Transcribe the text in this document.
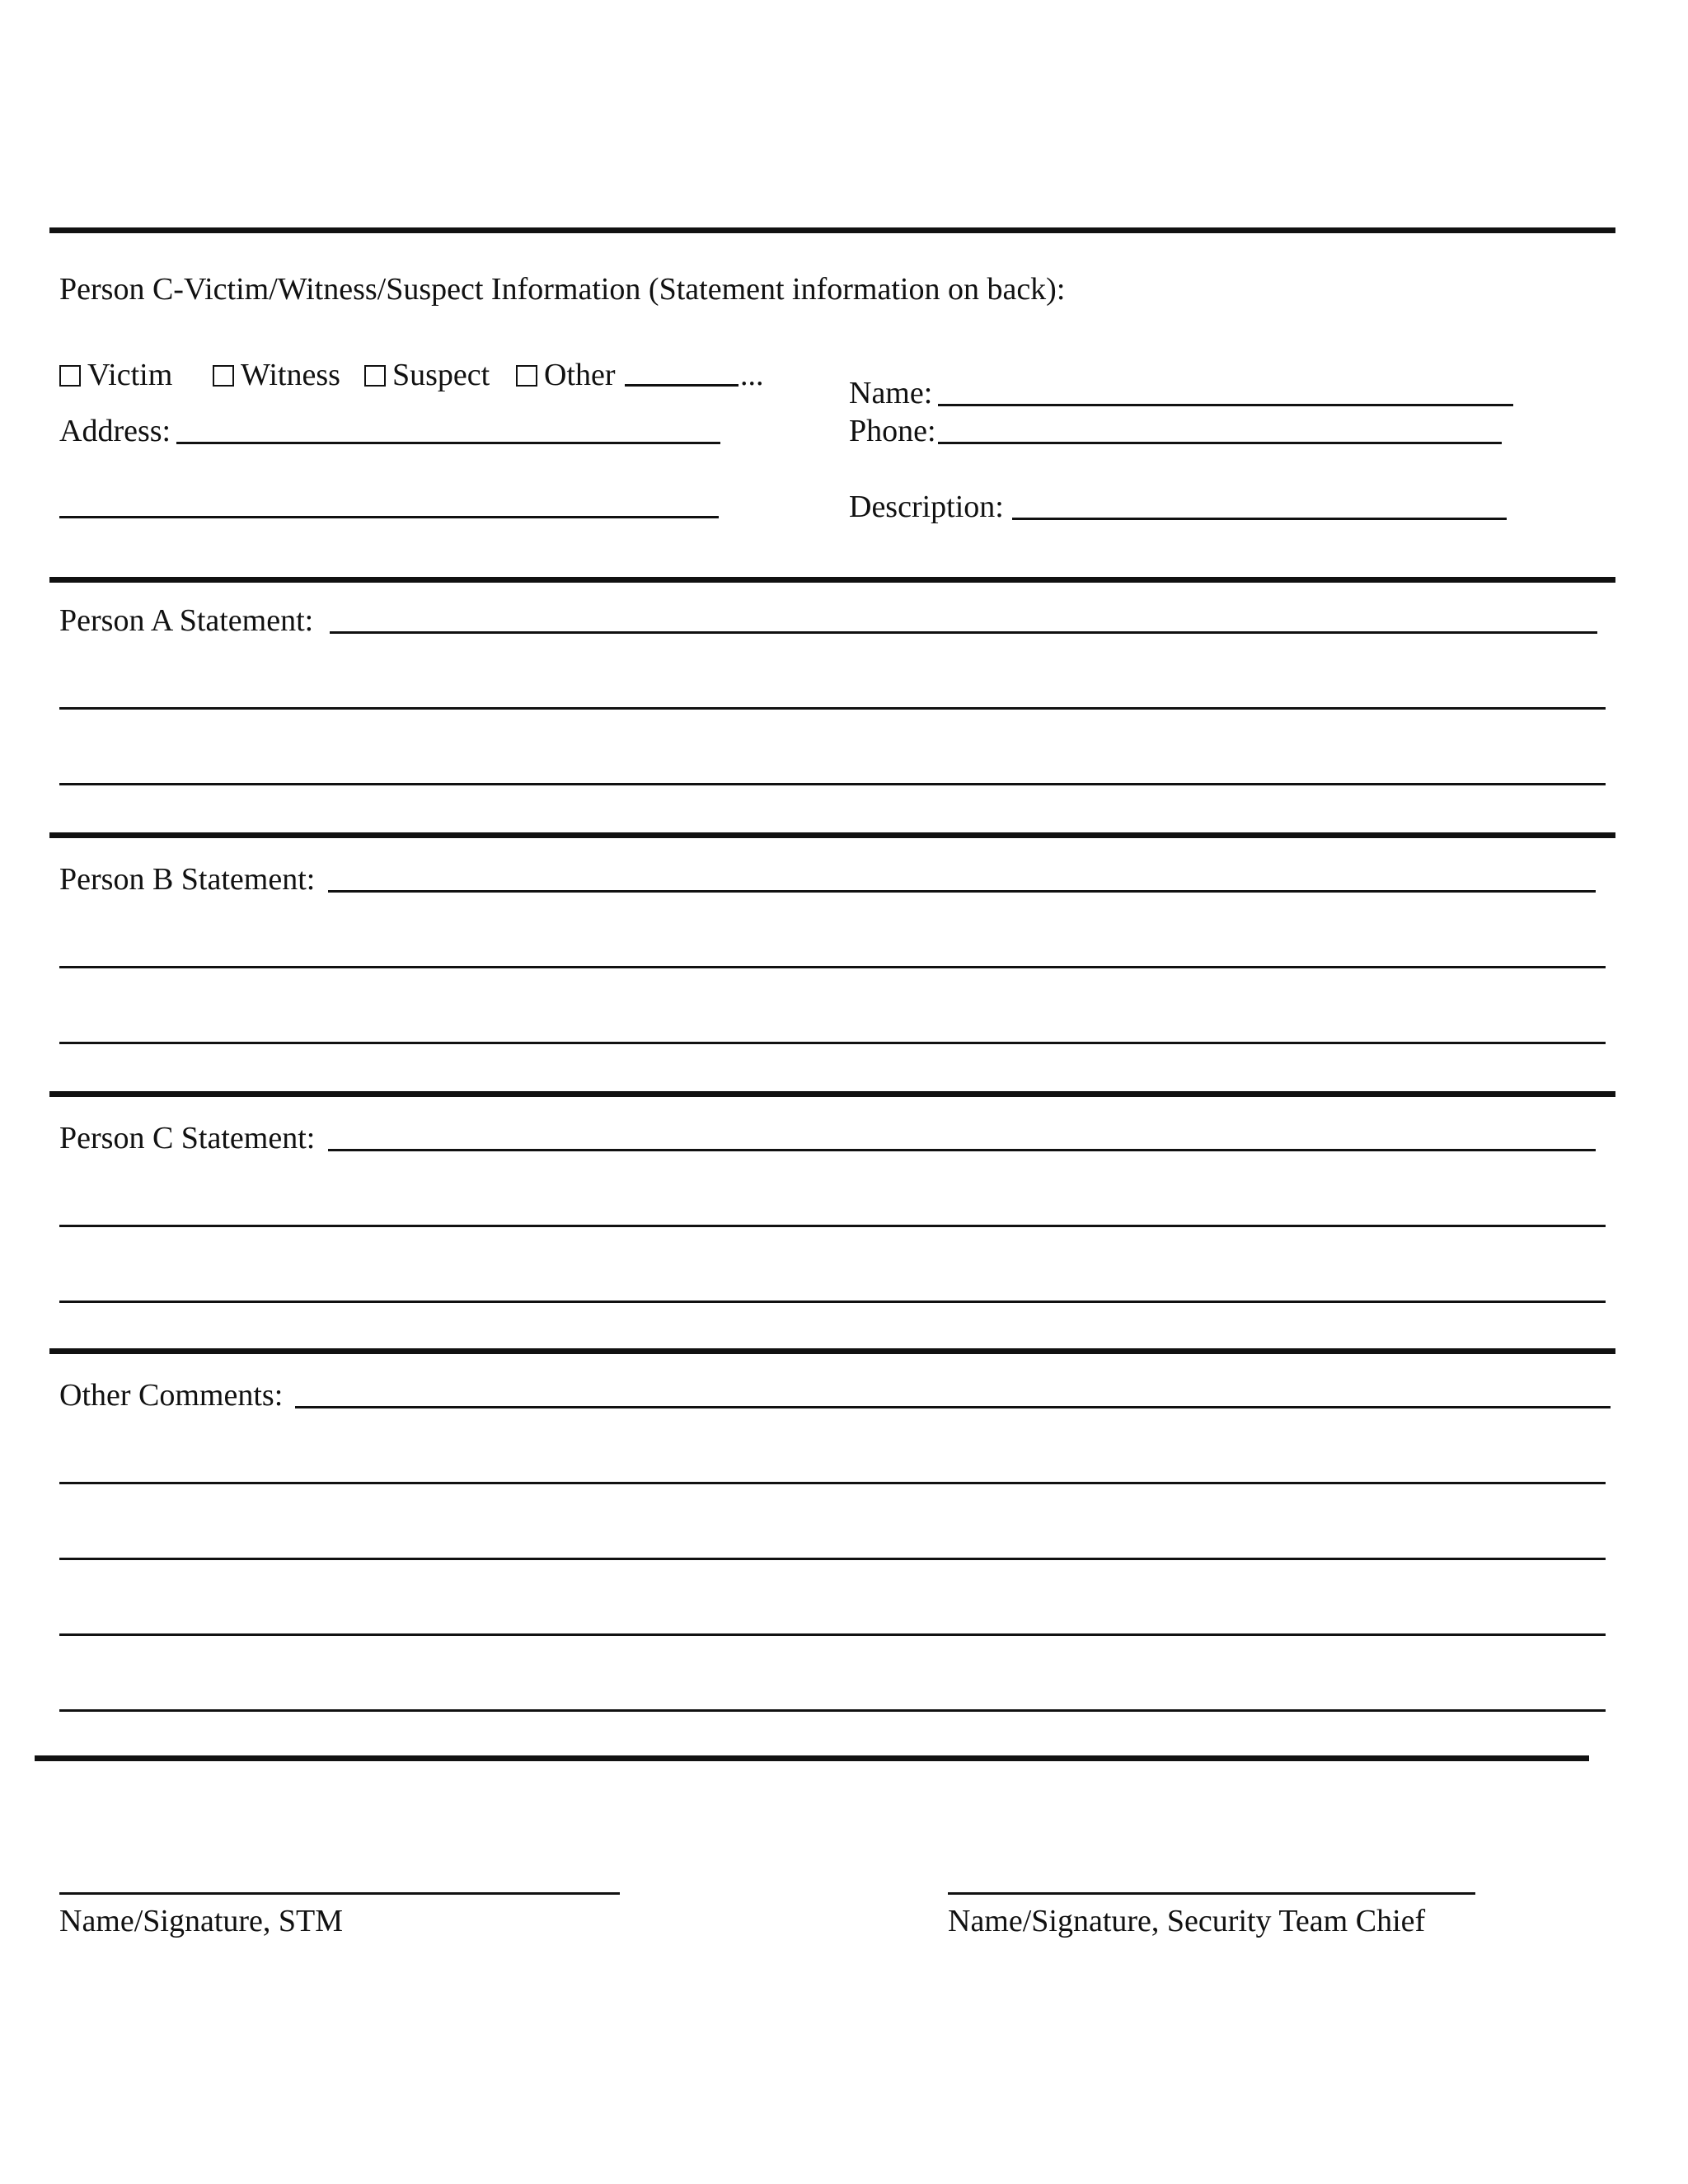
Person C-Victim/Witness/Suspect Information (Statement information on back):
Victim	Witness	Suspect	Other	...
Name:
Address:	Phone:
Description:
Person A Statement:
Person B Statement:
Person C Statement:
Other Comments:
Name/Signature, STM	Name/Signature, Security Team Chief
